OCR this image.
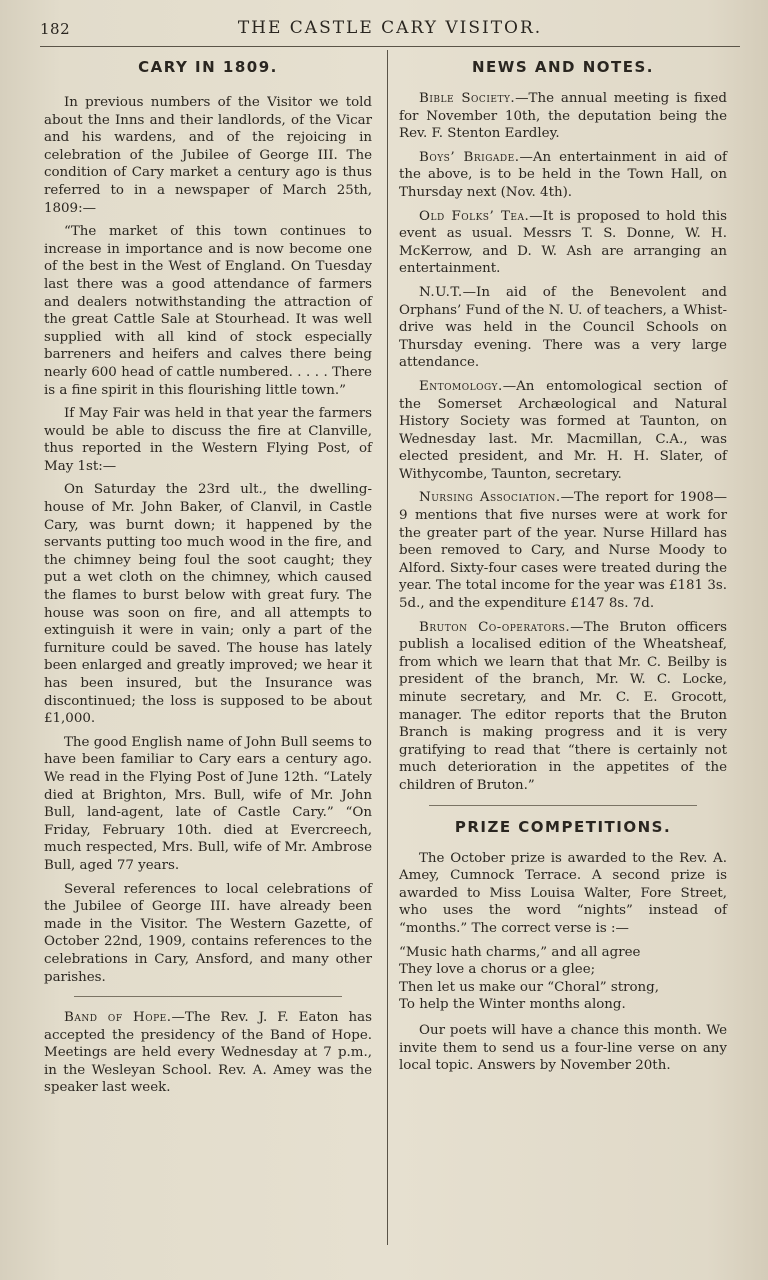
182	THE CASTLE CARY VISITOR.
CARY IN 1809.

In previous numbers of the Visitor we told about the Inns and their landlords, of the Vicar and his wardens, and of the rejoicing in celebration of the Jubilee of George III. The condition of Cary market a century ago is thus referred to in a newspaper of March 25th, 1809:—

“The market of this town continues to increase in importance and is now become one of the best in the West of England. On Tuesday last there was a good attendance of farmers and dealers notwithstanding the attraction of the great Cattle Sale at Stourhead. It was well supplied with all kind of stock especially barreners and heifers and calves there being nearly 600 head of cattle numbered. . . . . There is a fine spirit in this flourishing little town.”

If May Fair was held in that year the farmers would be able to discuss the fire at Clanville, thus reported in the Western Flying Post, of May 1st:—

On Saturday the 23rd ult., the dwelling-house of Mr. John Baker, of Clanvil, in Castle Cary, was burnt down; it happened by the servants putting too much wood in the fire, and the chimney being foul the soot caught; they put a wet cloth on the chimney, which caused the flames to burst below with great fury. The house was soon on fire, and all attempts to extinguish it were in vain; only a part of the furniture could be saved. The house has lately been enlarged and greatly improved; we hear it has been insured, but the Insurance was discontinued; the loss is supposed to be about £1,000.

The good English name of John Bull seems to have been familiar to Cary ears a century ago. We read in the Flying Post of June 12th. “Lately died at Brighton, Mrs. Bull, wife of Mr. John Bull, land-agent, late of Castle Cary.” “On Friday, February 10th. died at Evercreech, much respected, Mrs. Bull, wife of Mr. Ambrose Bull, aged 77 years.

Several references to local celebrations of the Jubilee of George III. have already been made in the Visitor. The Western Gazette, of October 22nd, 1909, contains references to the celebrations in Cary, Ansford, and many other parishes.

Band of Hope.—The Rev. J. F. Eaton has accepted the presidency of the Band of Hope. Meetings are held every Wednesday at 7 p.m., in the Wesleyan School. Rev. A. Amey was the speaker last week.

NEWS AND NOTES.

Bible Society.—The annual meeting is fixed for November 10th, the deputation being the Rev. F. Stenton Eardley.

Boys’ Brigade.—An entertainment in aid of the above, is to be held in the Town Hall, on Thursday next (Nov. 4th).

Old Folks’ Tea.—It is proposed to hold this event as usual. Messrs T. S. Donne, W. H. McKerrow, and D. W. Ash are arranging an entertainment.

N.U.T.—In aid of the Benevolent and Orphans’ Fund of the N. U. of teachers, a Whist-drive was held in the Council Schools on Thursday evening. There was a very large attendance.

Entomology.—An entomological section of the Somerset Archæological and Natural History Society was formed at Taunton, on Wednesday last. Mr. Macmillan, C.A., was elected president, and Mr. H. H. Slater, of Withycombe, Taunton, secretary.

Nursing Association.—The report for 1908—9 mentions that five nurses were at work for the greater part of the year. Nurse Hillard has been removed to Cary, and Nurse Moody to Alford. Sixty-four cases were treated during the year. The total income for the year was £181 3s. 5d., and the expenditure £147 8s. 7d.

Bruton Co-operators.—The Bruton officers publish a localised edition of the Wheatsheaf, from which we learn that that Mr. C. Beilby is president of the branch, Mr. W. C. Locke, minute secretary, and Mr. C. E. Grocott, manager. The editor reports that the Bruton Branch is making progress and it is very gratifying to read that “there is certainly not much deterioration in the appetites of the children of Bruton.”

PRIZE COMPETITIONS.

The October prize is awarded to the Rev. A. Amey, Cumnock Terrace. A second prize is awarded to Miss Louisa Walter, Fore Street, who uses the word “nights” instead of “months.” The correct verse is :—

“Music hath charms,” and all agree
They love a chorus or a glee;
Then let us make our “Choral” strong,
To help the Winter months along.

Our poets will have a chance this month. We invite them to send us a four-line verse on any local topic. Answers by November 20th.
